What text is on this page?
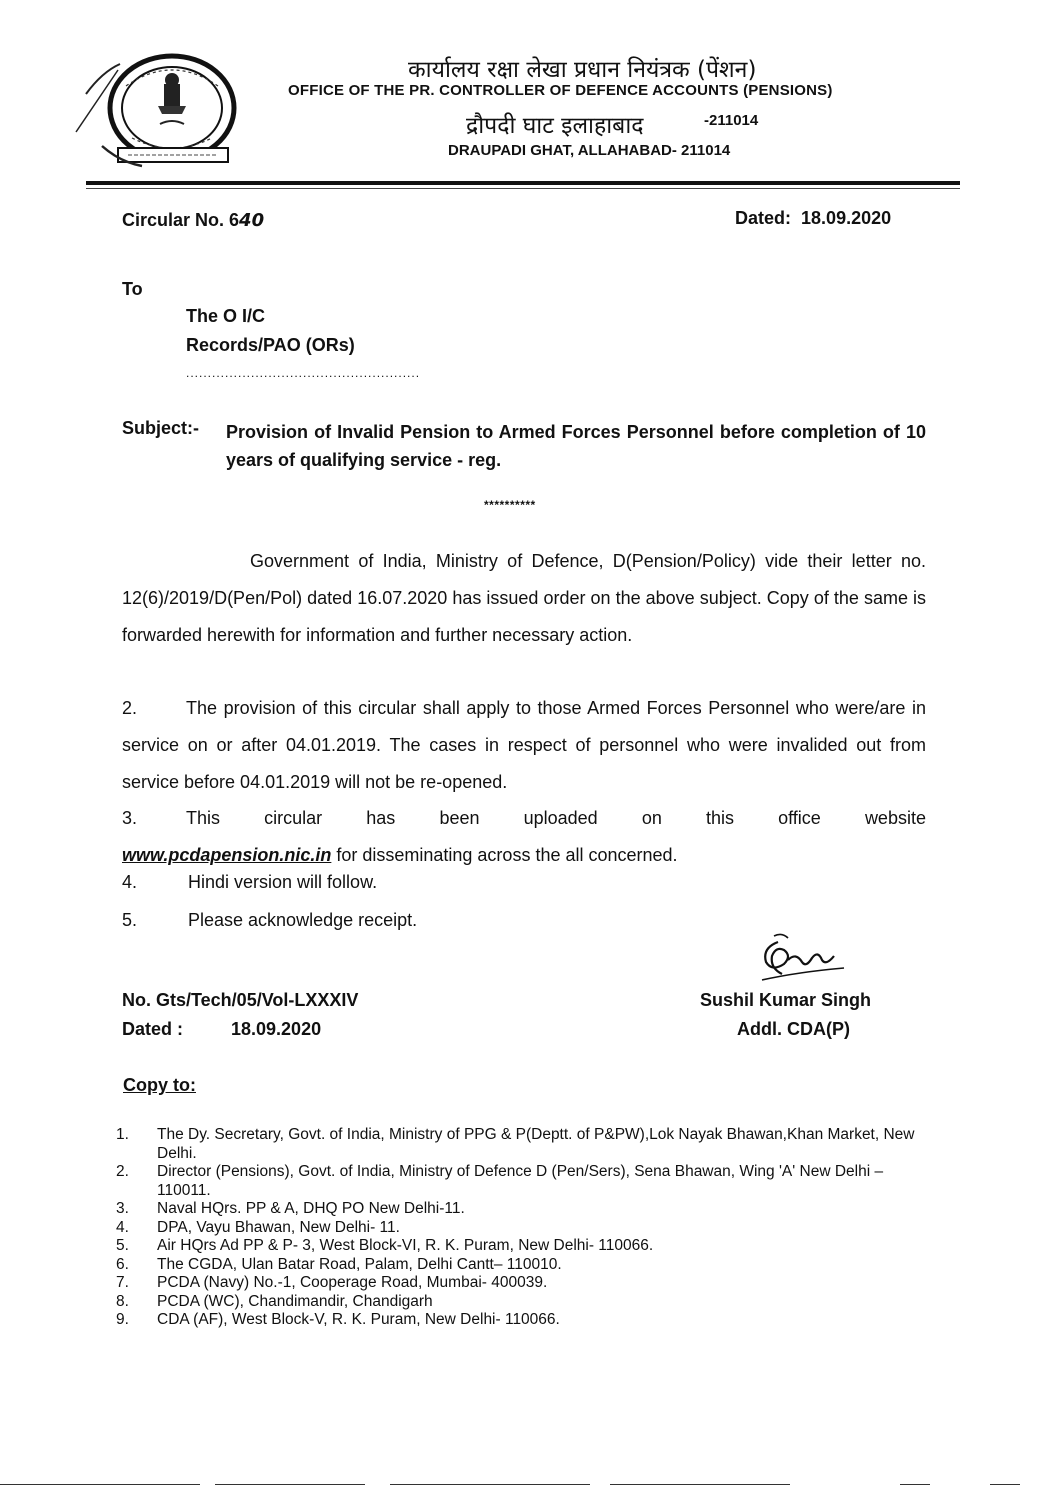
कार्यालय रक्षा लेखा प्रधान नियंत्रक (पेंशन)
OFFICE OF THE PR. CONTROLLER OF DEFENCE ACCOUNTS (PENSIONS)
द्रौपदी घाट इलाहाबाद	-211014
DRAUPADI GHAT, ALLAHABAD- 211014
Circular No. 640	Dated: 18.09.2020
To
The O I/C
Records/PAO (ORs)
......................................................
Subject:- Provision of Invalid Pension to Armed Forces Personnel before completion of 10 years of qualifying service - reg.
**********
Government of India, Ministry of Defence, D(Pension/Policy) vide their letter no. 12(6)/2019/D(Pen/Pol) dated 16.07.2020 has issued order on the above subject. Copy of the same is forwarded herewith for information and further necessary action.
2.	The provision of this circular shall apply to those Armed Forces Personnel who were/are in service on or after 04.01.2019. The cases in respect of personnel who were invalided out from service before 04.01.2019 will not be re-opened.
3.	This circular has been uploaded on this office website
www.pcdapension.nic.in for disseminating across the all concerned.
4.	Hindi version will follow.
5.	Please acknowledge receipt.
Sushil Kumar Singh
Addl. CDA(P)
No. Gts/Tech/05/Vol-LXXXIV
Dated :	18.09.2020
Copy to:
1. The Dy. Secretary, Govt. of India, Ministry of PPG & P(Deptt. of P&PW),Lok Nayak Bhawan,Khan Market, New Delhi.
2. Director (Pensions), Govt. of India, Ministry of Defence D (Pen/Sers), Sena Bhawan, Wing 'A' New Delhi – 110011.
3. Naval HQrs. PP & A, DHQ PO New Delhi-11.
4. DPA, Vayu Bhawan, New Delhi- 11.
5. Air HQrs Ad PP & P- 3, West Block-VI, R. K. Puram, New Delhi- 110066.
6. The CGDA, Ulan Batar Road, Palam, Delhi Cantt– 110010.
7. PCDA (Navy) No.-1, Cooperage Road, Mumbai- 400039.
8. PCDA (WC), Chandimandir, Chandigarh
9. CDA (AF), West Block-V, R. K. Puram, New Delhi- 110066.
